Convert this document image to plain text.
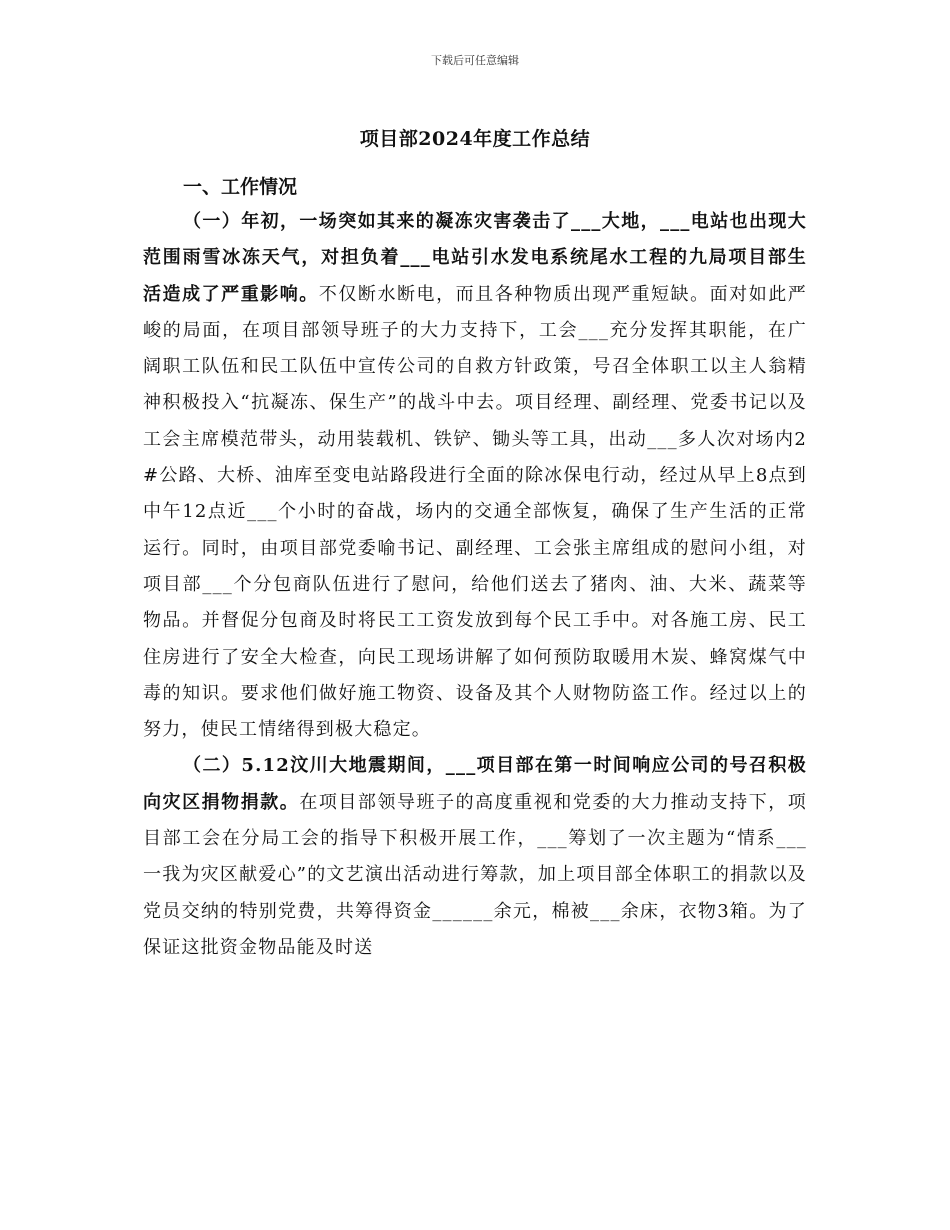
下载后可任意编辑
项目部2024年度工作总结

一、工作情况

（一）年初，一场突如其来的凝冻灾害袭击了___大地，___电站也出现大范围雨雪冰冻天气，对担负着___电站引水发电系统尾水工程的九局项目部生活造成了严重影响。不仅断水断电，而且各种物质出现严重短缺。面对如此严峻的局面，在项目部领导班子的大力支持下，工会___充分发挥其职能，在广阔职工队伍和民工队伍中宣传公司的自救方针政策，号召全体职工以主人翁精神积极投入“抗凝冻、保生产”的战斗中去。项目经理、副经理、党委书记以及工会主席模范带头，动用装载机、铁铲、锄头等工具，出动___多人次对场内2#公路、大桥、油库至变电站路段进行全面的除冰保电行动，经过从早上8点到中午12点近___个小时的奋战，场内的交通全部恢复，确保了生产生活的正常运行。同时，由项目部党委喻书记、副经理、工会张主席组成的慰问小组，对项目部___个分包商队伍进行了慰问，给他们送去了猪肉、油、大米、蔬菜等物品。并督促分包商及时将民工工资发放到每个民工手中。对各施工房、民工住房进行了安全大检查，向民工现场讲解了如何预防取暖用木炭、蜂窝煤气中毒的知识。要求他们做好施工物资、设备及其个人财物防盗工作。经过以上的努力，使民工情绪得到极大稳定。

（二）5.12汶川大地震期间，___项目部在第一时间响应公司的号召积极向灾区捐物捐款。在项目部领导班子的高度重视和党委的大力推动支持下，项目部工会在分局工会的指导下积极开展工作，___筹划了一次主题为“情系___一我为灾区献爱心”的文艺演出活动进行筹款，加上项目部全体职工的捐款以及党员交纳的特别党费，共筹得资金______余元，棉被___余床，衣物3箱。为了保证这批资金物品能及时送
